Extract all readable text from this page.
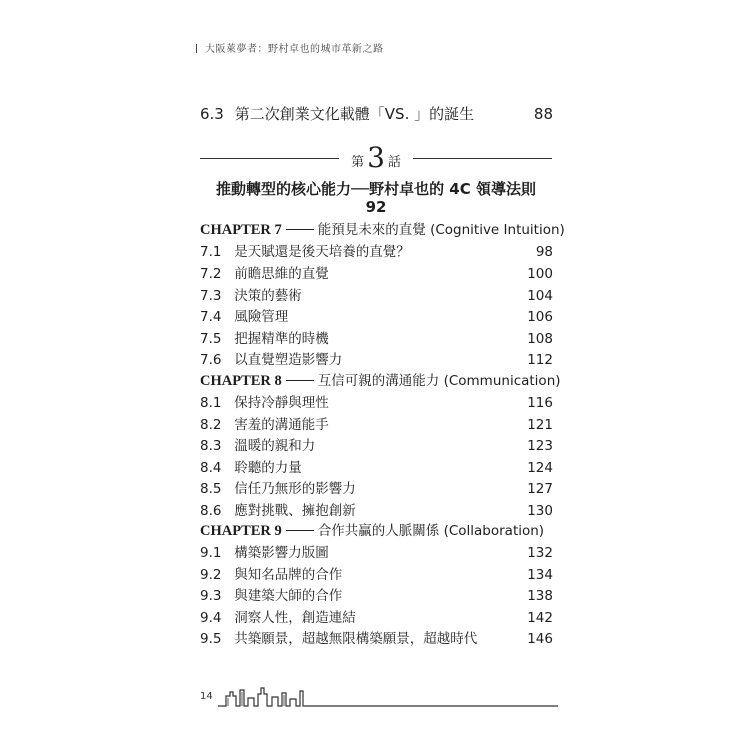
大阪萊夢者：野村卓也的城市革新之路
6.3 第二次創業文化載體「VS. 」的誕生	88
第 3 話
推動轉型的核心能力──野村卓也的 4C 領導法則
92
CHAPTER 7	能預見未來的直覺 (Cognitive Intuition)
7.1 是天賦還是後天培養的直覺？	98
7.2 前瞻思維的直覺	100
7.3 決策的藝術	104
7.4 風險管理	106
7.5 把握精準的時機	108
7.6 以直覺塑造影響力	112
CHAPTER 8	互信可親的溝通能力 (Communication)
8.1 保持冷靜與理性	116
8.2 害羞的溝通能手	121
8.3 溫暖的親和力	123
8.4 聆聽的力量	124
8.5 信任乃無形的影響力	127
8.6 應對挑戰、擁抱創新	130
CHAPTER 9	合作共贏的人脈關係 (Collaboration)
9.1 構築影響力版圖	132
9.2 與知名品牌的合作	134
9.3 與建築大師的合作	138
9.4 洞察人性，創造連結	142
9.5 共築願景，超越無限構築願景，超越時代	146
14
